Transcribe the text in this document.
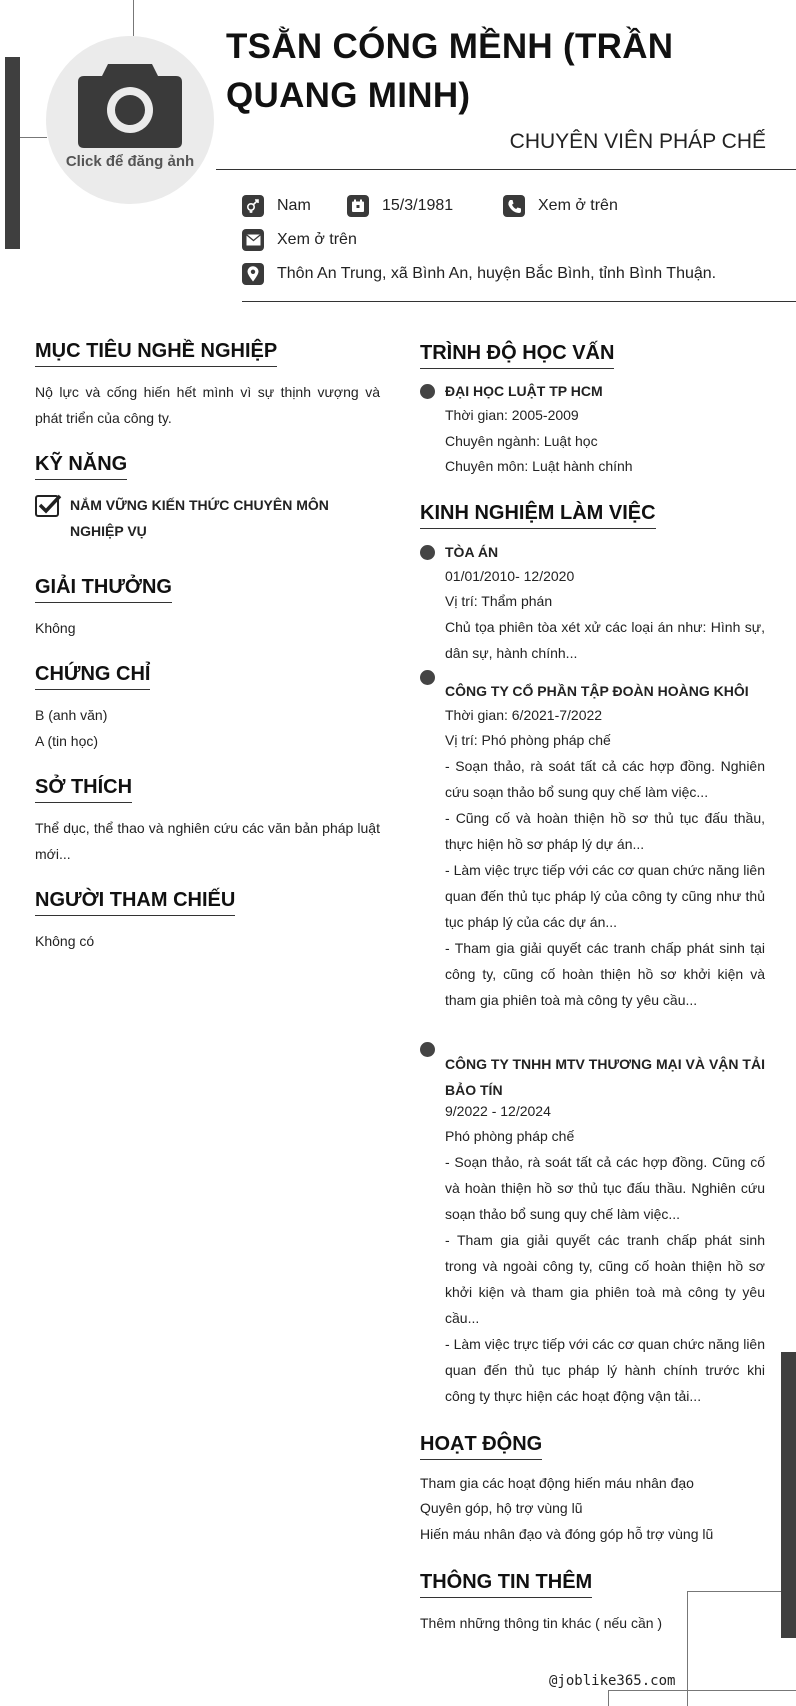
Click để đăng ảnh
TSẰN CÓNG MỀNH (TRẦN QUANG MINH)
CHUYÊN VIÊN PHÁP CHẾ
Nam	15/3/1981	Xem ở trên
Xem ở trên
Thôn An Trung, xã Bình An, huyện Bắc Bình, tỉnh Bình Thuận.
MỤC TIÊU NGHỀ NGHIỆP
Nộ lực và cống hiến hết mình vì sự thịnh vượng và phát triển của công ty.
KỸ NĂNG
NẮM VỮNG KIẾN THỨC CHUYÊN MÔN NGHIỆP VỤ
GIẢI THƯỞNG
Không
CHỨNG CHỈ
B (anh văn)
A (tin học)
SỞ THÍCH
Thể dục, thể thao và nghiên cứu các văn bản pháp luật mới...
NGƯỜI THAM CHIẾU
Không có
TRÌNH ĐỘ HỌC VẤN
ĐẠI HỌC LUẬT TP HCM
Thời gian: 2005-2009
Chuyên ngành: Luật học
Chuyên môn: Luật hành chính
KINH NGHIỆM LÀM VIỆC
TÒA ÁN
01/01/2010- 12/2020
Vị trí: Thẩm phán
Chủ tọa phiên tòa xét xử các loại án như: Hình sự, dân sự, hành chính...
CÔNG TY CỔ PHẦN TẬP ĐOÀN HOÀNG KHÔI
Thời gian: 6/2021-7/2022
Vị trí: Phó phòng pháp chế
- Soạn thảo, rà soát tất cả các hợp đồng. Nghiên cứu soạn thảo bổ sung quy chế làm việc...
- Cũng cố và hoàn thiện hồ sơ thủ tục đấu thầu, thực hiện hồ sơ pháp lý dự án...
- Làm việc trực tiếp với các cơ quan chức năng liên quan đến thủ tục pháp lý của công ty cũng như thủ tục pháp lý của các dự án...
- Tham gia giải quyết các tranh chấp phát sinh tại công ty, cũng cố hoàn thiện hồ sơ khởi kiện và tham gia phiên toà mà công ty yêu cầu...
CÔNG TY TNHH MTV THƯƠNG MẠI VÀ VẬN TẢI BẢO TÍN
9/2022 - 12/2024
Phó phòng pháp chế
- Soạn thảo, rà soát tất cả các hợp đồng. Cũng cố và hoàn thiện hồ sơ thủ tục đấu thầu. Nghiên cứu soạn thảo bổ sung quy chế làm việc...
- Tham gia giải quyết các tranh chấp phát sinh trong và ngoài công ty, cũng cố hoàn thiện hồ sơ khởi kiện và tham gia phiên toà mà công ty yêu cầu...
- Làm việc trực tiếp với các cơ quan chức năng liên quan đến thủ tục pháp lý hành chính trước khi công ty thực hiện các hoạt động vận tải...
HOẠT ĐỘNG
Tham gia các hoạt động hiến máu nhân đạo
Quyên góp, hộ trợ vùng lũ
Hiến máu nhân đạo và đóng góp hỗ trợ vùng lũ
THÔNG TIN THÊM
Thêm những thông tin khác ( nếu cần )
@joblike365.com
